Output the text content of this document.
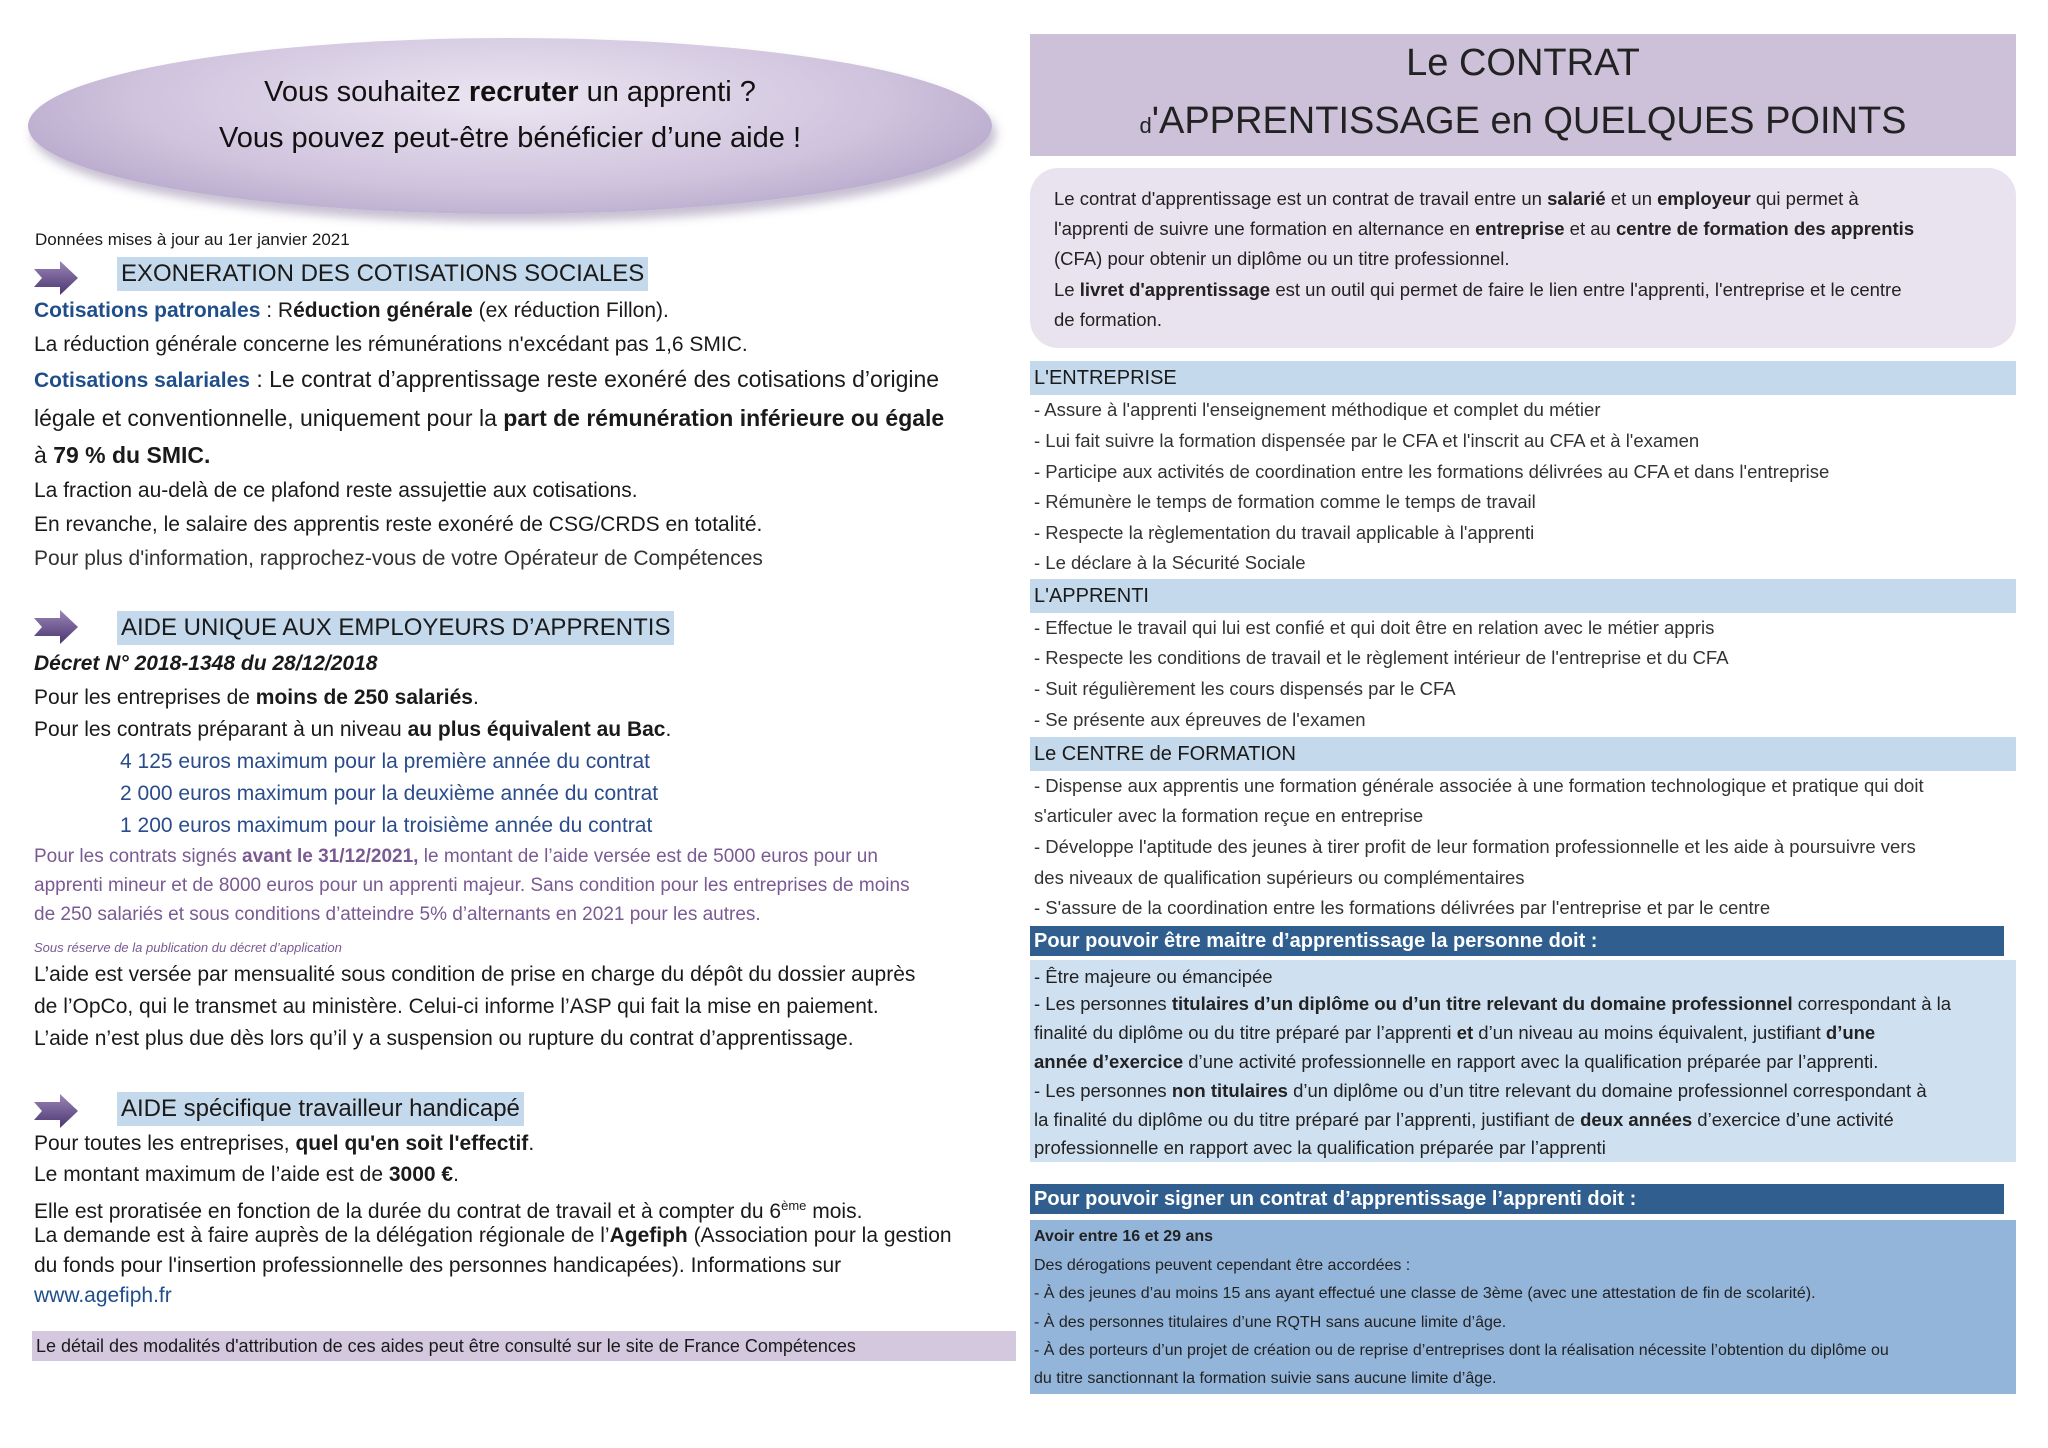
Vous souhaitez recruter un apprenti ?
Vous pouvez peut-être bénéficier d’une aide !
Données mises à jour au 1er janvier 2021
EXONERATION DES COTISATIONS SOCIALES
Cotisations patronales : Réduction générale (ex réduction Fillon).
La réduction générale concerne les rémunérations n'excédant pas 1,6 SMIC.
Cotisations salariales : Le contrat d’apprentissage reste exonéré des cotisations d’origine
légale et conventionnelle, uniquement pour la part de rémunération inférieure ou égale
à 79 % du SMIC.
La fraction au-delà de ce plafond reste assujettie aux cotisations.
En revanche, le salaire des apprentis reste exonéré de CSG/CRDS en totalité.
Pour plus d'information, rapprochez-vous de votre Opérateur de Compétences
AIDE UNIQUE AUX EMPLOYEURS D’APPRENTIS
Décret N° 2018-1348 du 28/12/2018
Pour les entreprises de moins de 250 salariés.
Pour les contrats préparant à un niveau au plus équivalent au Bac.
4 125 euros maximum pour la première année du contrat
2 000 euros maximum pour la deuxième année du contrat
1 200 euros maximum pour la troisième année du contrat
Pour les contrats signés avant le 31/12/2021, le montant de l’aide versée est de 5000 euros pour un
apprenti mineur et de 8000 euros pour un apprenti majeur. Sans condition pour les entreprises de moins
de 250 salariés et sous conditions d’atteindre 5% d’alternants en 2021 pour les autres.
Sous réserve de la publication du décret d’application
L’aide est versée par mensualité sous condition de prise en charge du dépôt du dossier auprès
de l’OpCo, qui le transmet au ministère. Celui-ci informe l’ASP qui fait la mise en paiement.
L’aide n’est plus due dès lors qu’il y a suspension ou rupture du contrat d’apprentissage.
AIDE spécifique travailleur handicapé
Pour toutes les entreprises, quel qu'en soit l'effectif.
Le montant maximum de l’aide est de 3000 €.
Elle est proratisée en fonction de la durée du contrat de travail et à compter du 6ème mois.
La demande est à faire auprès de la délégation régionale de l’Agefiph (Association pour la gestion
du fonds pour l'insertion professionnelle des personnes handicapées). Informations sur
www.agefiph.fr
Le détail des modalités d'attribution de ces aides peut être consulté sur le site de France Compétences
Le CONTRAT
d'APPRENTISSAGE en QUELQUES POINTS
Le contrat d'apprentissage est un contrat de travail entre un salarié et un employeur qui permet à
l'apprenti de suivre une formation en alternance en entreprise et au centre de formation des apprentis
(CFA) pour obtenir un diplôme ou un titre professionnel.
Le livret d'apprentissage est un outil qui permet de faire le lien entre l'apprenti, l'entreprise et le centre
de formation.
L'ENTREPRISE
- Assure à l'apprenti l'enseignement méthodique et complet du métier
- Lui fait suivre la formation dispensée par le CFA et l'inscrit au CFA et à l'examen
- Participe aux activités de coordination entre les formations délivrées au CFA et dans l'entreprise
- Rémunère le temps de formation comme le temps de travail
- Respecte la règlementation du travail applicable à l'apprenti
- Le déclare à la Sécurité Sociale
L'APPRENTI
- Effectue le travail qui lui est confié et qui doit être en relation avec le métier appris
- Respecte les conditions de travail et le règlement intérieur de l'entreprise et du CFA
- Suit régulièrement les cours dispensés par le CFA
- Se présente aux épreuves de l'examen
Le CENTRE de FORMATION
- Dispense aux apprentis une formation générale associée à une formation technologique et pratique qui doit
s'articuler avec la formation reçue en entreprise
- Développe l'aptitude des jeunes à tirer profit de leur formation professionnelle et les aide à poursuivre vers
des niveaux de qualification supérieurs ou complémentaires
- S'assure de la coordination entre les formations délivrées par l'entreprise et par le centre
Pour pouvoir être maitre d’apprentissage la personne doit :
- Être majeure ou émancipée
- Les personnes titulaires d’un diplôme ou d’un titre relevant du domaine professionnel correspondant à la
finalité du diplôme ou du titre préparé par l’apprenti et d’un niveau au moins équivalent, justifiant d’une
année d’exercice d’une activité professionnelle en rapport avec la qualification préparée par l’apprenti.
- Les personnes non titulaires d’un diplôme ou d’un titre relevant du domaine professionnel correspondant à
la finalité du diplôme ou du titre préparé par l’apprenti, justifiant de deux années d’exercice d’une activité
professionnelle en rapport avec la qualification préparée par l’apprenti
Pour pouvoir signer un contrat d’apprentissage l’apprenti doit :
Avoir entre 16 et 29 ans
Des dérogations peuvent cependant être accordées :
- À des jeunes d’au moins 15 ans ayant effectué une classe de 3ème (avec une attestation de fin de scolarité).
- À des personnes titulaires d’une RQTH sans aucune limite d’âge.
- À des porteurs d’un projet de création ou de reprise d’entreprises dont la réalisation nécessite l’obtention du diplôme ou
du titre sanctionnant la formation suivie sans aucune limite d’âge.
